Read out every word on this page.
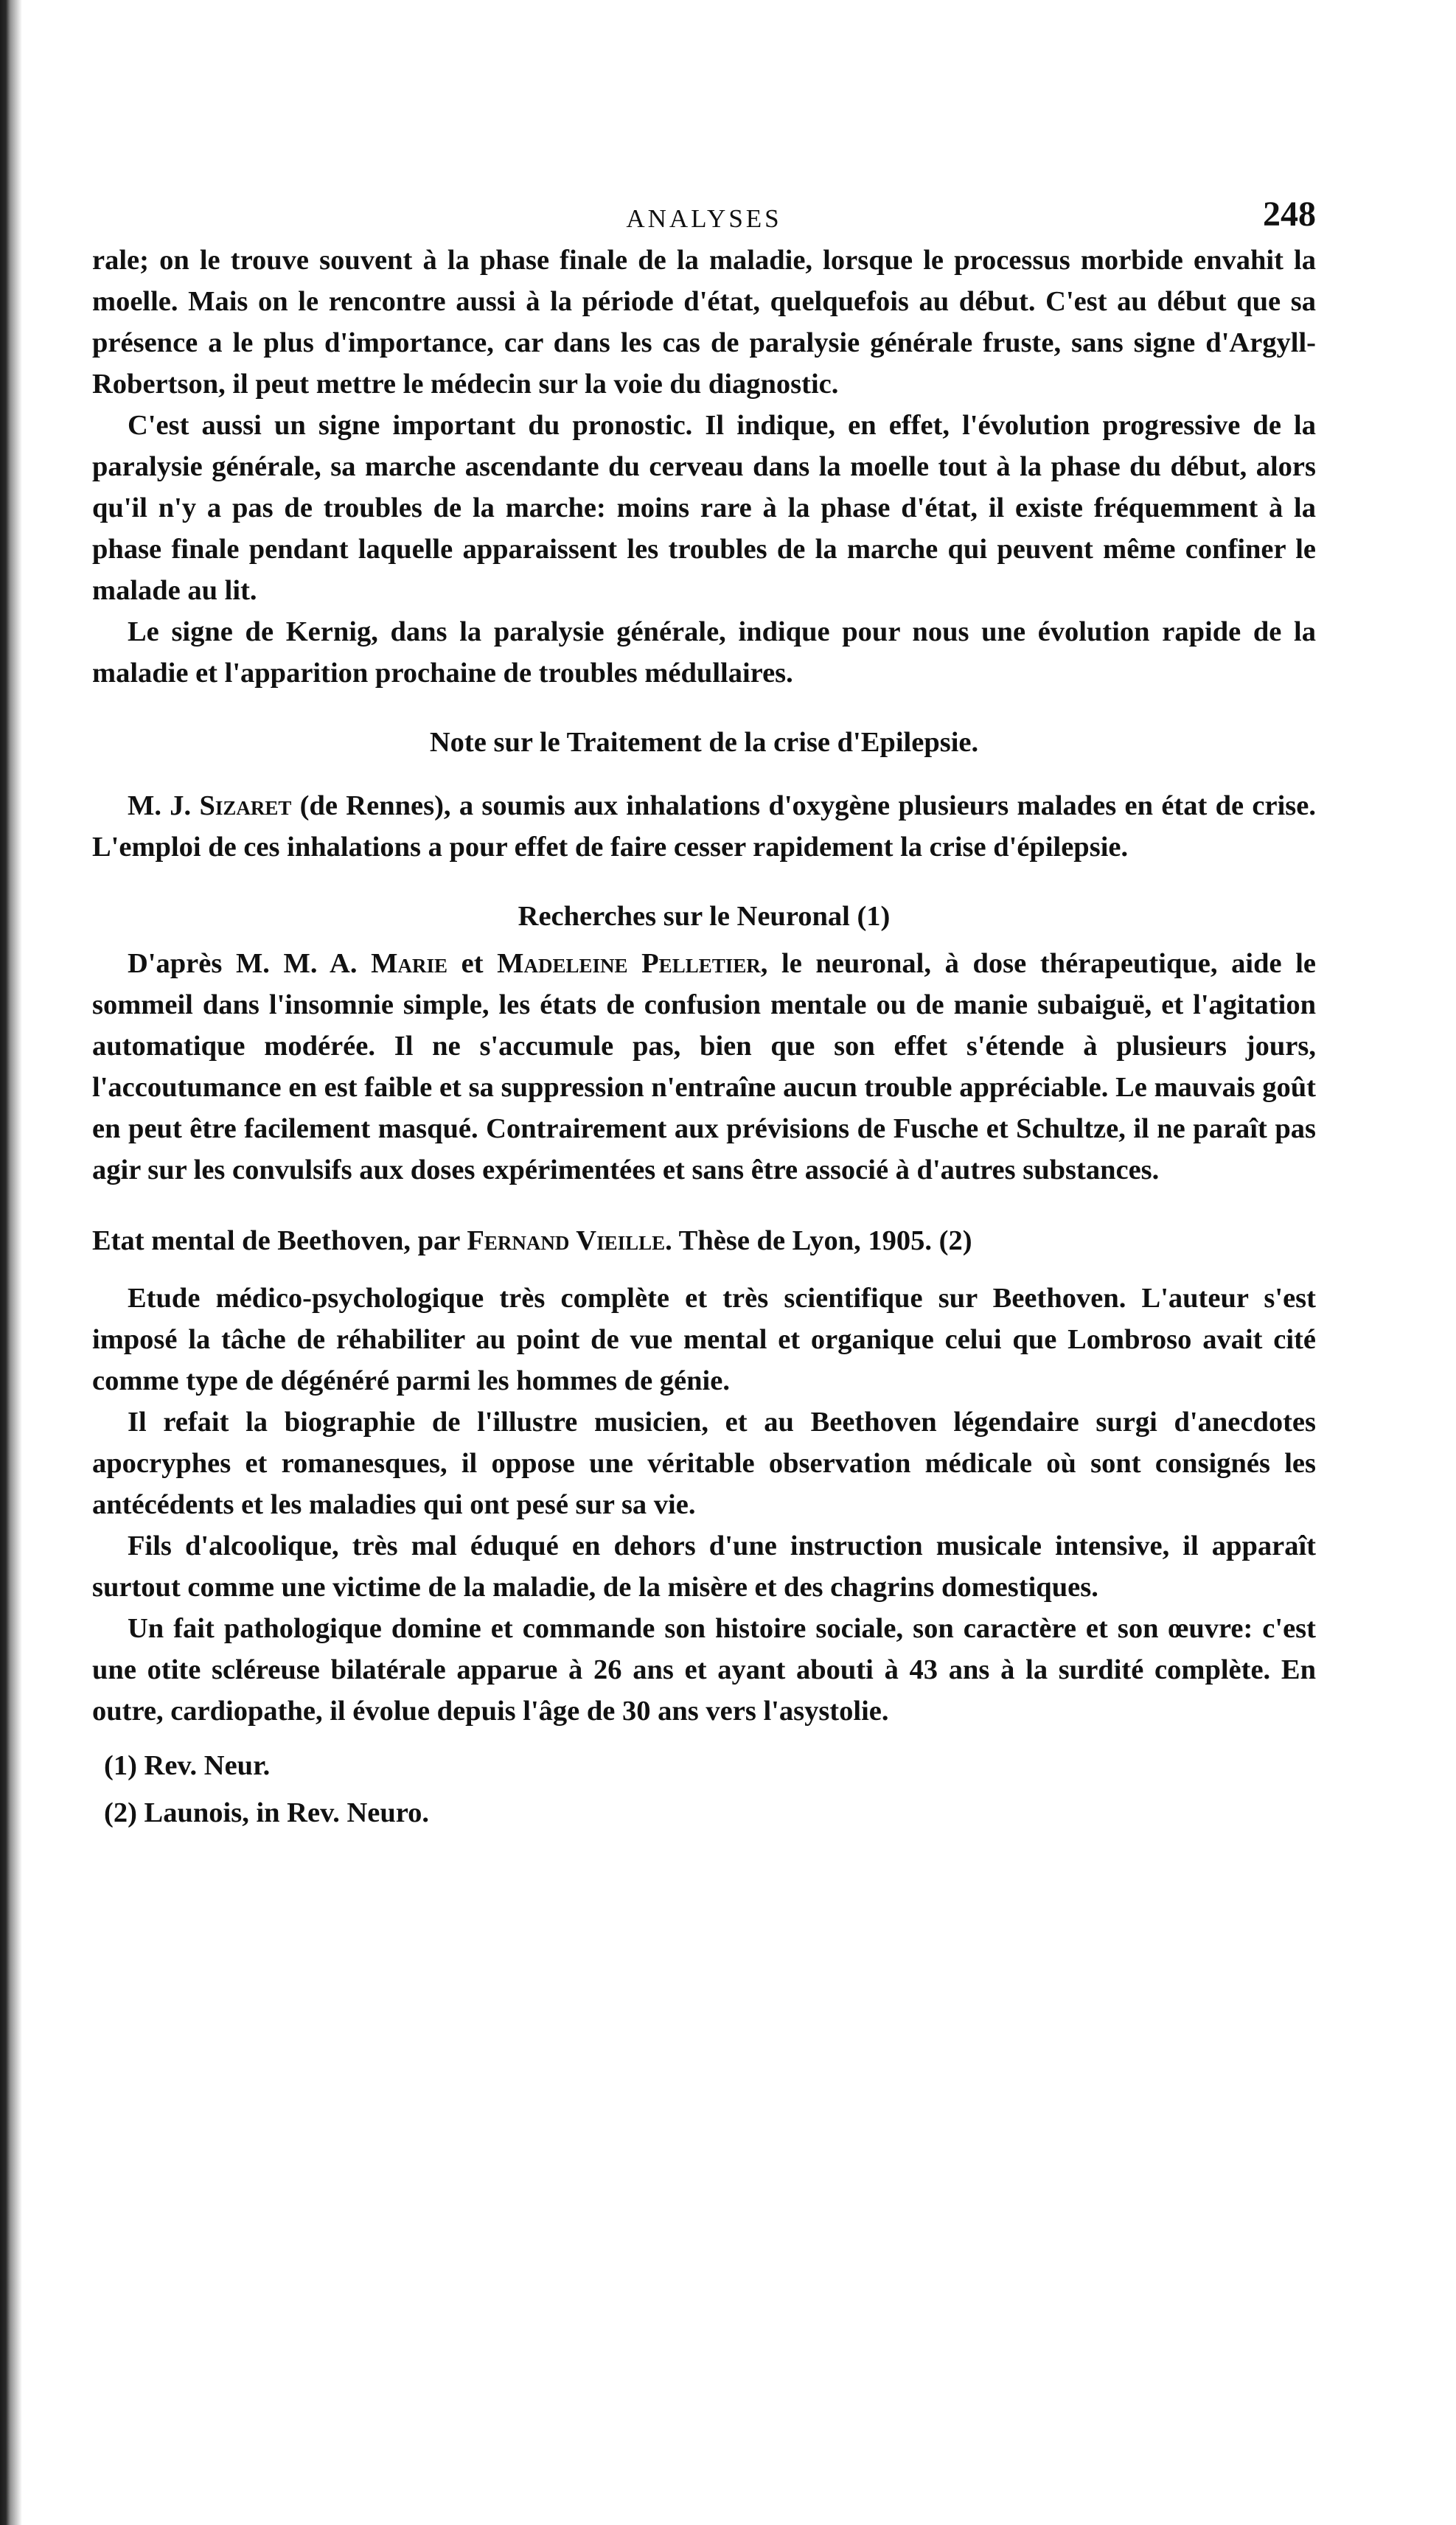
ANALYSES	248

rale; on le trouve souvent à la phase finale de la maladie, lorsque le processus morbide envahit la moelle. Mais on le rencontre aussi à la période d'état, quelquefois au début. C'est au début que sa présence a le plus d'importance, car dans les cas de paralysie générale fruste, sans signe d'Argyll-Robertson, il peut mettre le médecin sur la voie du diagnostic.

C'est aussi un signe important du pronostic. Il indique, en effet, l'évolution progressive de la paralysie générale, sa marche ascendante du cerveau dans la moelle tout à la phase du début, alors qu'il n'y a pas de troubles de la marche: moins rare à la phase d'état, il existe fréquemment à la phase finale pendant laquelle apparaissent les troubles de la marche qui peuvent même confiner le malade au lit.

Le signe de Kernig, dans la paralysie générale, indique pour nous une évolution rapide de la maladie et l'apparition prochaine de troubles médullaires.

Note sur le Traitement de la crise d'Epilepsie.

M. J. Sizaret (de Rennes), a soumis aux inhalations d'oxygène plusieurs malades en état de crise. L'emploi de ces inhalations a pour effet de faire cesser rapidement la crise d'épilepsie.

Recherches sur le Neuronal (1)

D'après M. M. A. Marie et Madeleine Pelletier, le neuronal, à dose thérapeutique, aide le sommeil dans l'insomnie simple, les états de confusion mentale ou de manie subaiguë, et l'agitation automatique modérée. Il ne s'accumule pas, bien que son effet s'étende à plusieurs jours, l'accoutumance en est faible et sa suppression n'entraîne aucun trouble appréciable. Le mauvais goût en peut être facilement masqué. Contrairement aux prévisions de Fusche et Schultze, il ne paraît pas agir sur les convulsifs aux doses expérimentées et sans être associé à d'autres substances.

Etat mental de Beethoven, par Fernand Vieille. Thèse de Lyon, 1905. (2)

Etude médico-psychologique très complète et très scientifique sur Beethoven. L'auteur s'est imposé la tâche de réhabiliter au point de vue mental et organique celui que Lombroso avait cité comme type de dégénéré parmi les hommes de génie.

Il refait la biographie de l'illustre musicien, et au Beethoven légendaire surgi d'anecdotes apocryphes et romanesques, il oppose une véritable observation médicale où sont consignés les antécédents et les maladies qui ont pesé sur sa vie.

Fils d'alcoolique, très mal éduqué en dehors d'une instruction musicale intensive, il apparaît surtout comme une victime de la maladie, de la misère et des chagrins domestiques.

Un fait pathologique domine et commande son histoire sociale, son caractère et son œuvre: c'est une otite scléreuse bilatérale apparue à 26 ans et ayant abouti à 43 ans à la surdité complète. En outre, cardiopathe, il évolue depuis l'âge de 30 ans vers l'asystolie.

(1) Rev. Neur.
(2) Launois, in Rev. Neuro.
